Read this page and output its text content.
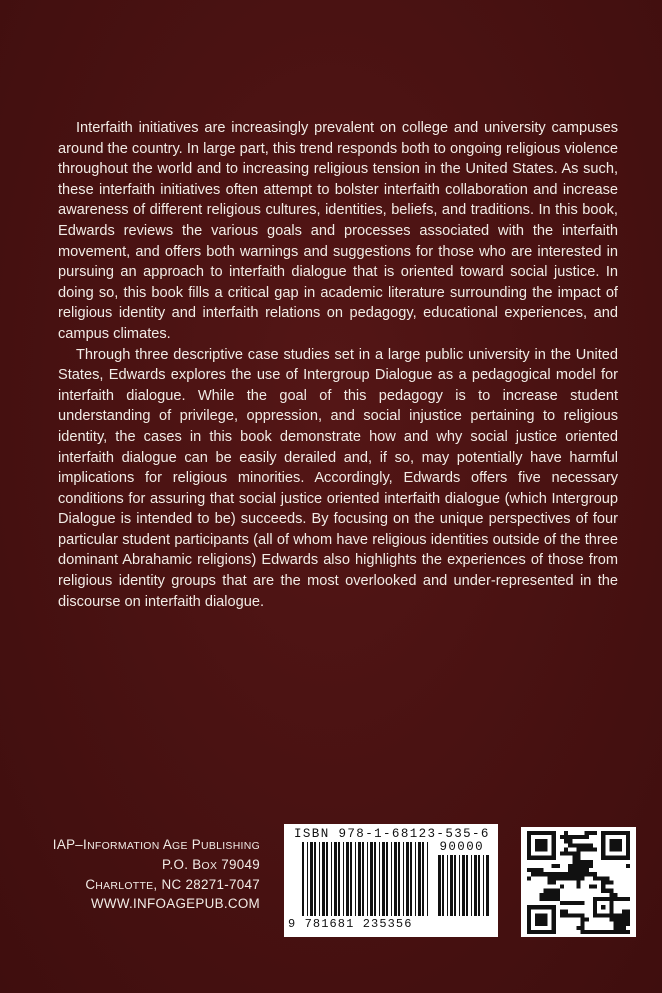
Interfaith initiatives are increasingly prevalent on college and university campuses around the country. In large part, this trend responds both to ongoing religious violence throughout the world and to increasing religious tension in the United States. As such, these interfaith initiatives often attempt to bolster interfaith collaboration and increase awareness of different religious cultures, identities, beliefs, and traditions. In this book, Edwards reviews the various goals and processes associated with the interfaith movement, and offers both warnings and suggestions for those who are interested in pursuing an approach to interfaith dialogue that is oriented toward social justice. In doing so, this book fills a critical gap in academic literature surrounding the impact of religious identity and interfaith relations on pedagogy, educational experiences, and campus climates.

Through three descriptive case studies set in a large public university in the United States, Edwards explores the use of Intergroup Dialogue as a pedagogical model for interfaith dialogue. While the goal of this pedagogy is to increase student understanding of privilege, oppression, and social injustice pertaining to religious identity, the cases in this book demonstrate how and why social justice oriented interfaith dialogue can be easily derailed and, if so, may potentially have harmful implications for religious minorities. Accordingly, Edwards offers five necessary conditions for assuring that social justice oriented interfaith dialogue (which Intergroup Dialogue is intended to be) succeeds. By focusing on the unique perspectives of four particular student participants (all of whom have religious identities outside of the three dominant Abrahamic religions) Edwards also highlights the experiences of those from religious identity groups that are the most overlooked and under-represented in the discourse on interfaith dialogue.

IAP–INFORMATION AGE PUBLISHING
P.O. BOX 79049
CHARLOTTE, NC 28271-7047
WWW.INFOAGEPUB.COM
ISBN 978-1-68123-535-6
90000
9 781681 235356
